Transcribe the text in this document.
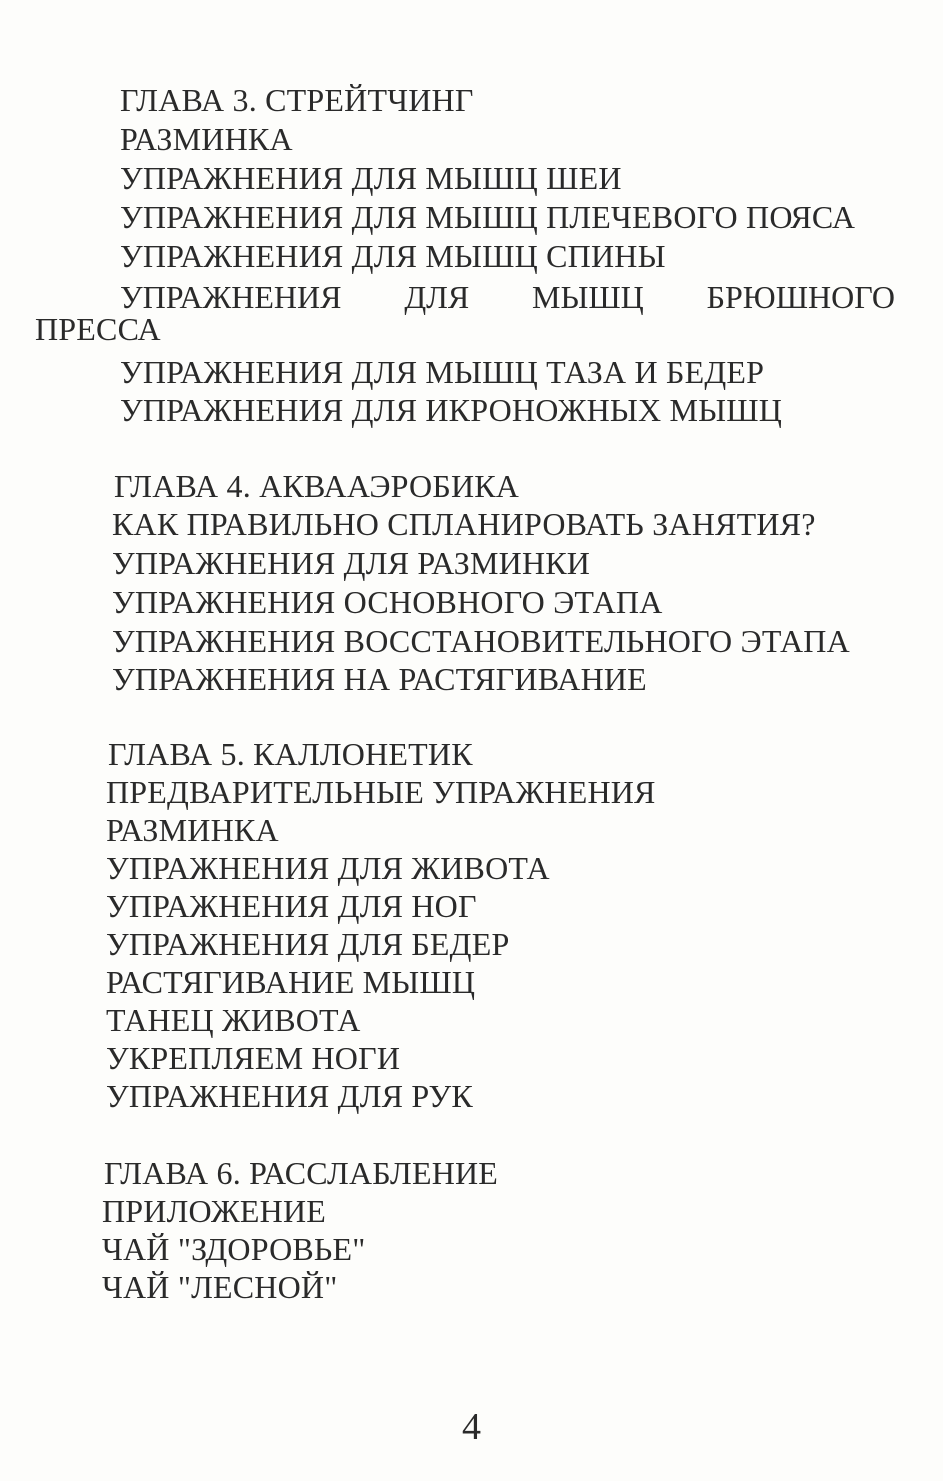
ГЛАВА 3. СТРЕЙТЧИНГ
РАЗМИНКА
УПРАЖНЕНИЯ ДЛЯ МЫШЦ ШЕИ
УПРАЖНЕНИЯ ДЛЯ МЫШЦ ПЛЕЧЕВОГО ПОЯСА
УПРАЖНЕНИЯ ДЛЯ МЫШЦ СПИНЫ
УПРАЖНЕНИЯ ДЛЯ МЫШЦ БРЮШНОГО
ПРЕССА
УПРАЖНЕНИЯ ДЛЯ МЫШЦ ТАЗА И БЕДЕР
УПРАЖНЕНИЯ ДЛЯ ИКРОНОЖНЫХ МЫШЦ
ГЛАВА 4. АКВААЭРОБИКА
КАК ПРАВИЛЬНО СПЛАНИРОВАТЬ ЗАНЯТИЯ?
УПРАЖНЕНИЯ ДЛЯ РАЗМИНКИ
УПРАЖНЕНИЯ ОСНОВНОГО ЭТАПА
УПРАЖНЕНИЯ ВОССТАНОВИТЕЛЬНОГО ЭТАПА
УПРАЖНЕНИЯ НА РАСТЯГИВАНИЕ
ГЛАВА 5. КАЛЛОНЕТИК
ПРЕДВАРИТЕЛЬНЫЕ УПРАЖНЕНИЯ
РАЗМИНКА
УПРАЖНЕНИЯ ДЛЯ ЖИВОТА
УПРАЖНЕНИЯ ДЛЯ НОГ
УПРАЖНЕНИЯ ДЛЯ БЕДЕР
РАСТЯГИВАНИЕ МЫШЦ
ТАНЕЦ ЖИВОТА
УКРЕПЛЯЕМ НОГИ
УПРАЖНЕНИЯ ДЛЯ РУК
ГЛАВА 6. РАССЛАБЛЕНИЕ
ПРИЛОЖЕНИЕ
ЧАЙ "ЗДОРОВЬЕ"
ЧАЙ "ЛЕСНОЙ"
4
